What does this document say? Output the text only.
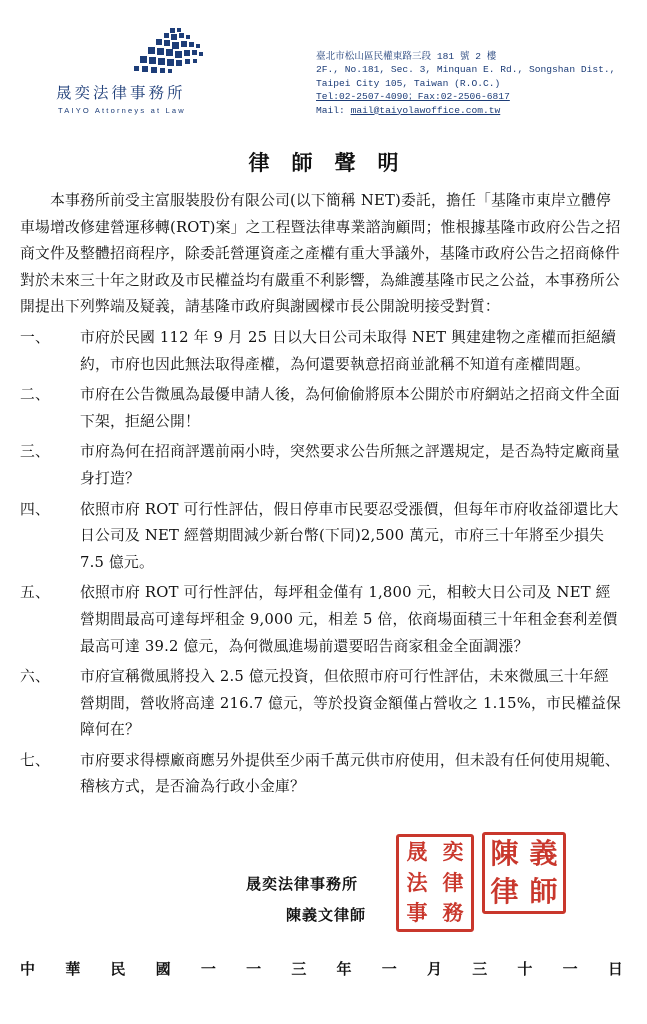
晟奕法律事務所
TAIYO Attorneys at Law
臺北市松山區民權東路三段 181 號 2 樓
2F., No.181, Sec. 3, Minquan E. Rd., Songshan Dist.,
Taipei City 105, Taiwan (R.O.C.)
Tel:02-2507-4090；Fax:02-2506-6817
Mail: mail@taiyolawoffice.com.tw
律師聲明

本事務所前受主富服裝股份有限公司(以下簡稱 NET)委託，擔任「基隆市東岸立體停車場增改修建營運移轉(ROT)案」之工程暨法律專業諮詢顧問；惟根據基隆市政府公告之招商文件及整體招商程序，除委託營運資產之產權有重大爭議外，基隆市政府公告之招商條件對於未來三十年之財政及市民權益均有嚴重不利影響，為維護基隆市民之公益，本事務所公開提出下列弊端及疑義，請基隆市政府與謝國樑市長公開說明接受對質：

一、	市府於民國 112 年 9 月 25 日以大日公司未取得 NET 興建建物之產權而拒絕續約，市府也因此無法取得產權，為何還要執意招商並訛稱不知道有產權問題。
二、	市府在公告微風為最優申請人後，為何偷偷將原本公開於市府網站之招商文件全面下架，拒絕公開！
三、	市府為何在招商評選前兩小時，突然要求公告所無之評選規定，是否為特定廠商量身打造？
四、	依照市府 ROT 可行性評估，假日停車市民要忍受漲價，但每年市府收益卻還比大日公司及 NET 經營期間減少新台幣(下同)2,500 萬元，市府三十年將至少損失 7.5 億元。
五、	依照市府 ROT 可行性評估，每坪租金僅有 1,800 元，相較大日公司及 NET 經營期間最高可達每坪租金 9,000 元，相差 5 倍，依商場面積三十年租金套利差價最高可達 39.2 億元，為何微風進場前還要昭告商家租金全面調漲？
六、	市府宣稱微風將投入 2.5 億元投資，但依照市府可行性評估，未來微風三十年經營期間，營收將高達 216.7 億元，等於投資金額僅占營收之 1.15%，市民權益保障何在？
七、	市府要求得標廠商應另外提供至少兩千萬元供市府使用，但未設有任何使用規範、稽核方式，是否淪為行政小金庫？
晟奕法律事務所
陳義文律師
晟 奕
法 律
事 務
陳 義
律 師
中 華 民 國 一 一 三 年 一 月 三 十 一 日
